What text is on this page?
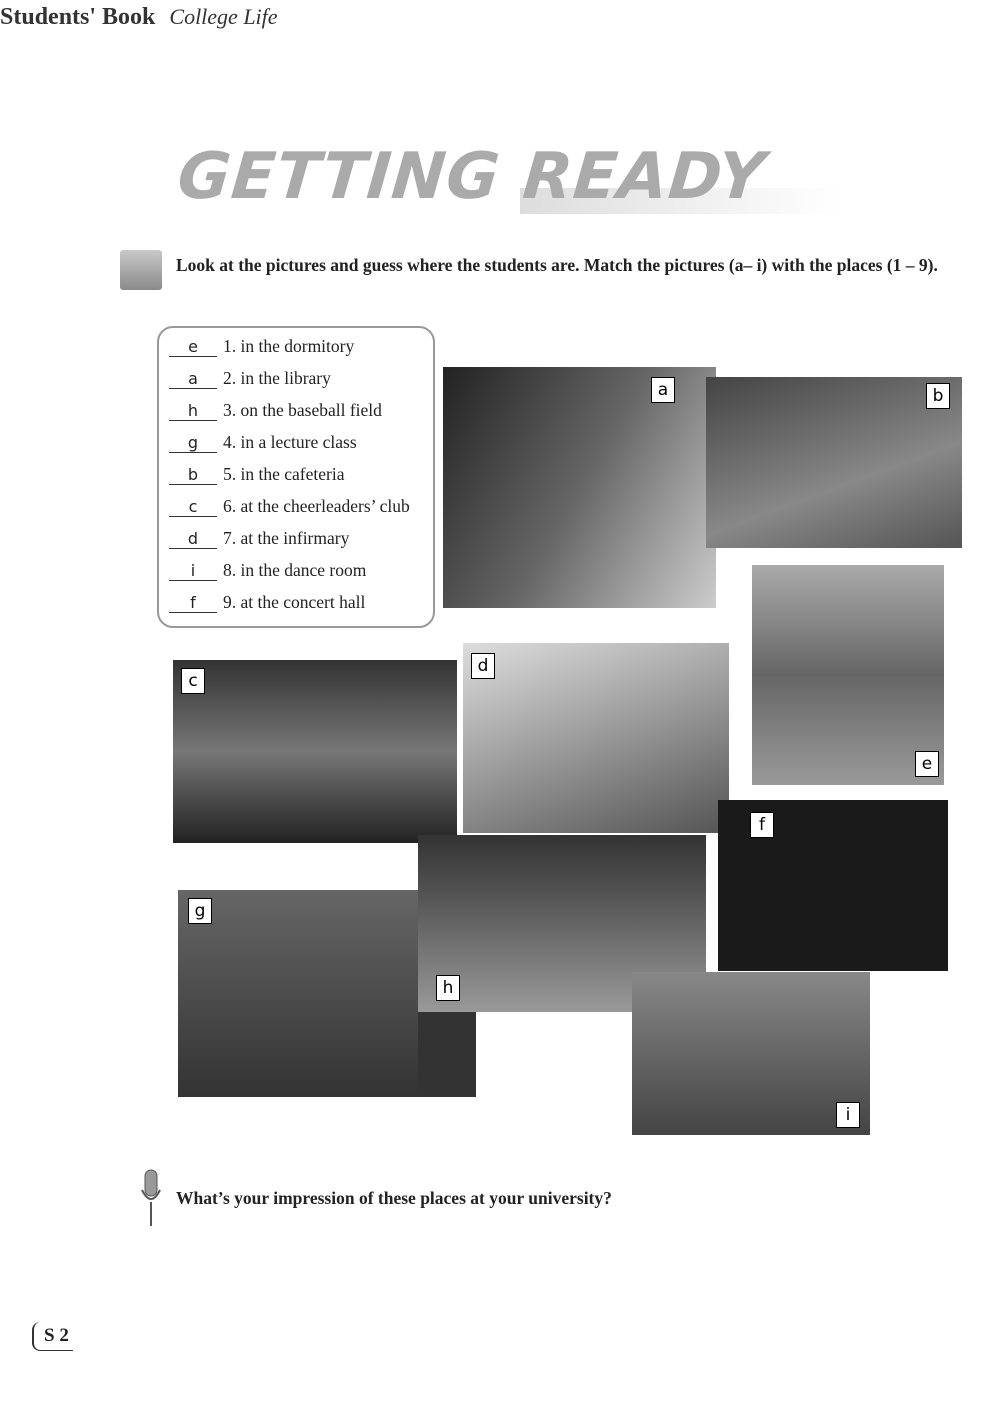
Students' Book College Life
GETTING READY
Look at the pictures and guess where the students are. Match the pictures (a– i) with the places (1 – 9).
e 1. in the dormitory
a 2. in the library
h 3. on the baseball field
g 4. in a lecture class
b 5. in the cafeteria
c 6. at the cheerleaders’ club
d 7. at the infirmary
i 8. in the dance room
f 9. at the concert hall
a	b
e
c
d
h
f
g
i
What’s your impression of these places at your university?
S 2
